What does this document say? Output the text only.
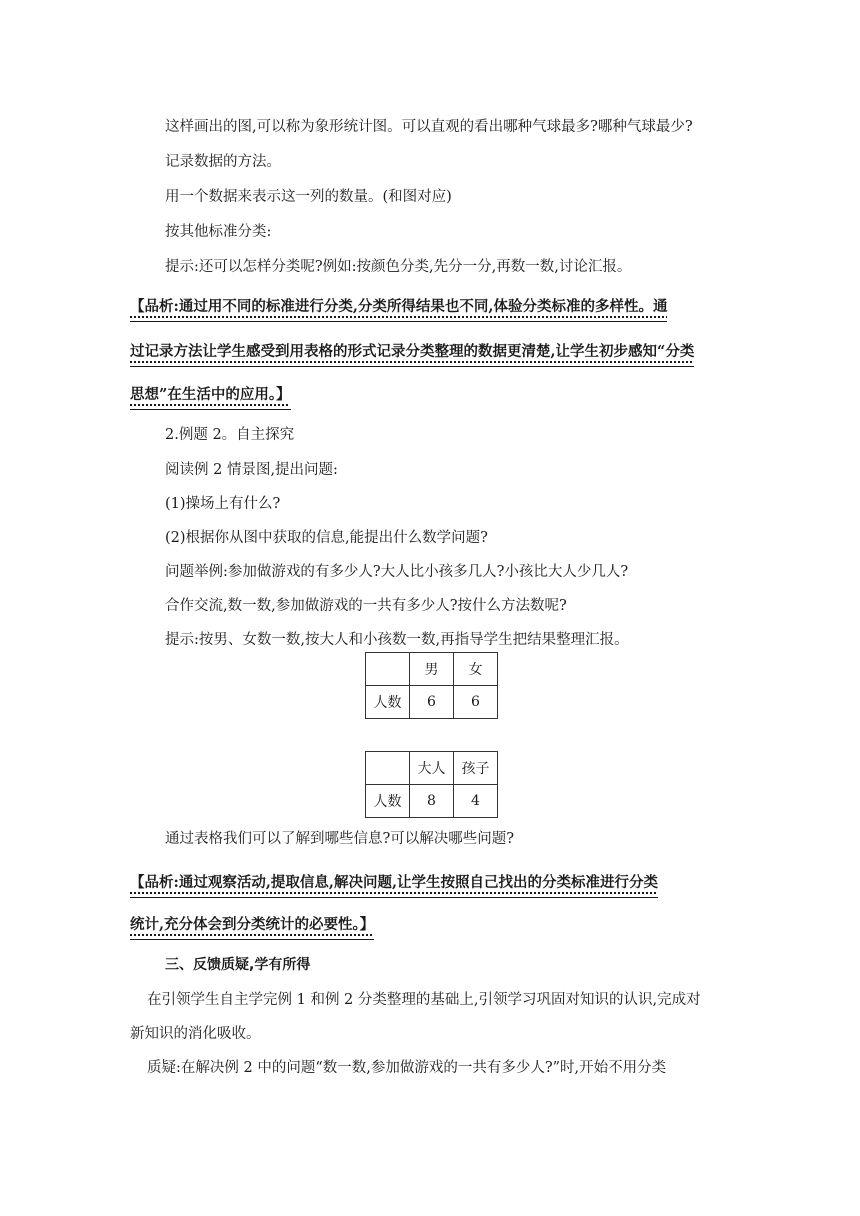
这样画出的图,可以称为象形统计图。可以直观的看出哪种气球最多?哪种气球最少?
记录数据的方法。
用一个数据来表示这一列的数量。(和图对应)
按其他标准分类:
提示:还可以怎样分类呢?例如:按颜色分类,先分一分,再数一数,讨论汇报。
【品析:通过用不同的标准进行分类,分类所得结果也不同,体验分类标准的多样性。通
过记录方法让学生感受到用表格的形式记录分类整理的数据更清楚,让学生初步感知“分类
思想”在生活中的应用。】
2.例题 2。自主探究
阅读例 2 情景图,提出问题:
(1)操场上有什么?
(2)根据你从图中获取的信息,能提出什么数学问题?
问题举例:参加做游戏的有多少人?大人比小孩多几人?小孩比大人少几人?
合作交流,数一数,参加做游戏的一共有多少人?按什么方法数呢?
提示:按男、女数一数,按大人和小孩数一数,再指导学生把结果整理汇报。
	男	女
人数	6	6
	大人	孩子
人数	8	4
通过表格我们可以了解到哪些信息?可以解决哪些问题?
【品析:通过观察活动,提取信息,解决问题,让学生按照自己找出的分类标准进行分类
统计,充分体会到分类统计的必要性。】
三、反馈质疑,学有所得
在引领学生自主学完例 1 和例 2 分类整理的基础上,引领学习巩固对知识的认识,完成对
新知识的消化吸收。
质疑:在解决例 2 中的问题“数一数,参加做游戏的一共有多少人?”时,开始不用分类
